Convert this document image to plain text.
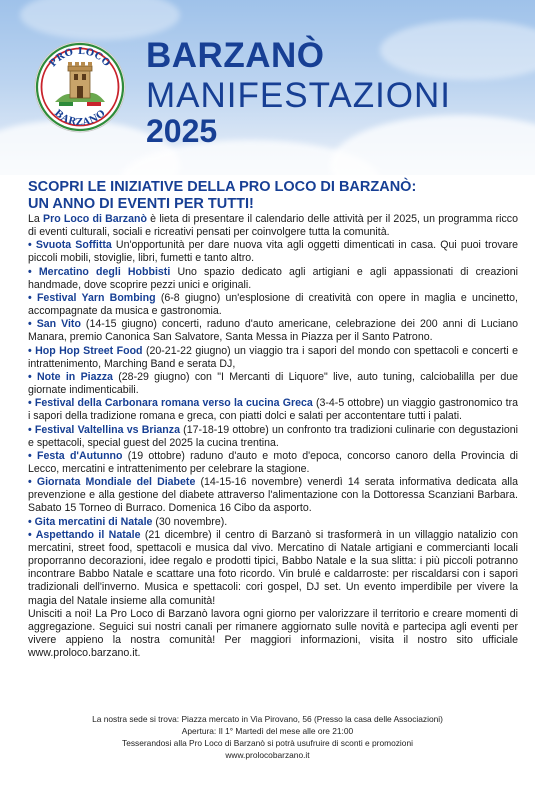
PRO LOCO
BARZANO
BARZANÒ
MANIFESTAZIONI
2025
SCOPRI LE INIZIATIVE DELLA PRO LOCO DI BARZANÒ:
UN ANNO DI EVENTI PER TUTTI!

La Pro Loco di Barzanò è lieta di presentare il calendario delle attività per il 2025, un programma ricco di eventi culturali, sociali e ricreativi pensati per coinvolgere tutta la comunità.

• Svuota Soffitta Un'opportunità per dare nuova vita agli oggetti dimenticati in casa. Qui puoi trovare piccoli mobili, stoviglie, libri, fumetti e tanto altro.

• Mercatino degli Hobbisti Uno spazio dedicato agli artigiani e agli appassionati di creazioni handmade, dove scoprire pezzi unici e originali.

• Festival Yarn Bombing (6-8 giugno) un'esplosione di creatività con opere in maglia e uncinetto, accompagnate da musica e gastronomia.

• San Vito (14-15 giugno) concerti, raduno d'auto americane, celebrazione dei 200 anni di Luciano Manara, premio Canonica San Salvatore, Santa Messa in Piazza per il Santo Patrono.

• Hop Hop Street Food (20-21-22 giugno) un viaggio tra i sapori del mondo con spettacoli e concerti e intrattenimento, Marching Band e serata DJ,

• Note in Piazza (28-29 giugno) con "I Mercanti di Liquore" live, auto tuning, calciobalilla per due giornate indimenticabili.

• Festival della Carbonara romana verso la cucina Greca (3-4-5 ottobre) un viaggio gastronomico tra i sapori della tradizione romana e greca, con piatti dolci e salati per accontentare tutti i palati.

• Festival Valtellina vs Brianza (17-18-19 ottobre) un confronto tra tradizioni culinarie con degustazioni e spettacoli, special guest del 2025 la cucina trentina.

• Festa d'Autunno (19 ottobre) raduno d'auto e moto d'epoca, concorso canoro della Provincia di Lecco, mercatini e intrattenimento per celebrare la stagione.

• Giornata Mondiale del Diabete (14-15-16 novembre) venerdì 14 serata informativa dedicata alla prevenzione e alla gestione del diabete attraverso l'alimentazione con la Dottoressa Scanziani Barbara. Sabato 15 Torneo di Burraco. Domenica 16 Cibo da asporto.

• Gita mercatini di Natale (30 novembre).

• Aspettando il Natale (21 dicembre) il centro di Barzanò si trasformerà in un villaggio natalizio con mercatini, street food, spettacoli e musica dal vivo. Mercatino di Natale artigiani e commercianti locali proporranno decorazioni, idee regalo e prodotti tipici, Babbo Natale e la sua slitta: i più piccoli potranno incontrare Babbo Natale e scattare una foto ricordo. Vin brulé e caldarroste: per riscaldarsi con i sapori tradizionali dell'inverno. Musica e spettacoli: cori gospel, DJ set. Un evento imperdibile per vivere la magia del Natale insieme alla comunità!

Unisciti a noi! La Pro Loco di Barzanò lavora ogni giorno per valorizzare il territorio e creare momenti di aggregazione. Seguici sui nostri canali per rimanere aggiornato sulle novità e partecipa agli eventi per vivere appieno la nostra comunità! Per maggiori informazioni, visita il nostro sito ufficiale www.proloco.barzano.it.

La nostra sede si trova: Piazza mercato in Via Pirovano, 56 (Presso la casa delle Associazioni)
Apertura: Il 1° Martedì del mese alle ore 21:00
Tesserandosi alla Pro Loco di Barzanò si potrà usufruire di sconti e promozioni
www.prolocobarzano.it
